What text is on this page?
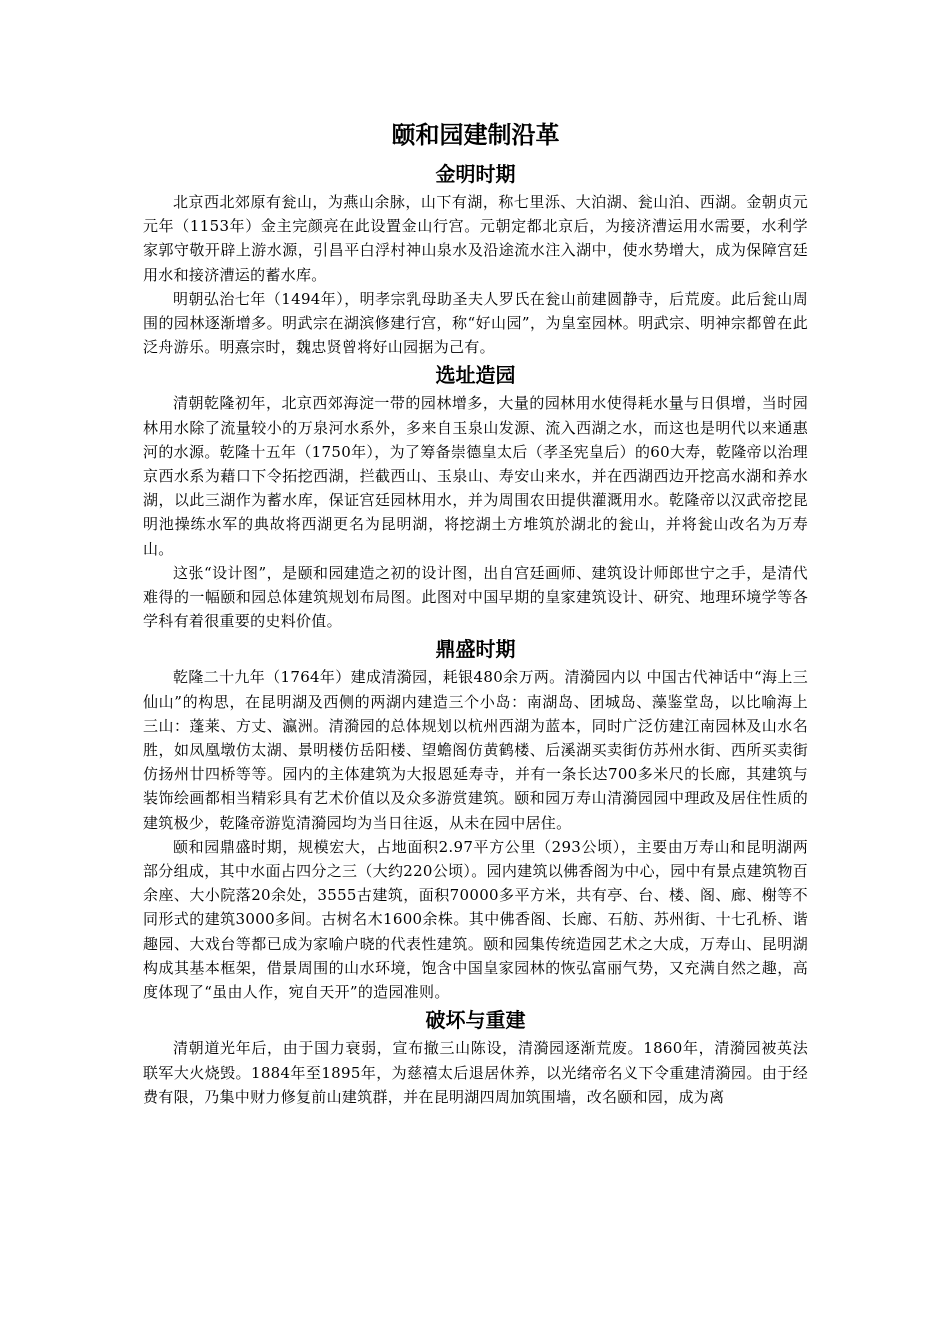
颐和园建制沿革
金明时期

北京西北郊原有瓮山，为燕山余脉，山下有湖，称七里泺、大泊湖、瓮山泊、西湖。金朝贞元元年（1153年）金主完颜亮在此设置金山行宫。元朝定都北京后，为接济漕运用水需要，水利学家郭守敬开辟上游水源，引昌平白浮村神山泉水及沿途流水注入湖中，使水势增大，成为保障宫廷用水和接济漕运的蓄水库。

明朝弘治七年（1494年），明孝宗乳母助圣夫人罗氏在瓮山前建圆静寺，后荒废。此后瓮山周围的园林逐渐增多。明武宗在湖滨修建行宫，称“好山园”，为皇室园林。明武宗、明神宗都曾在此泛舟游乐。明熹宗时，魏忠贤曾将好山园据为己有。

选址造园

清朝乾隆初年，北京西郊海淀一带的园林增多，大量的园林用水使得耗水量与日俱增，当时园林用水除了流量较小的万泉河水系外，多来自玉泉山发源、流入西湖之水，而这也是明代以来通惠河的水源。乾隆十五年（1750年），为了筹备崇德皇太后（孝圣宪皇后）的60大寿，乾隆帝以治理京西水系为藉口下令拓挖西湖，拦截西山、玉泉山、寿安山来水，并在西湖西边开挖高水湖和养水湖，以此三湖作为蓄水库，保证宫廷园林用水，并为周围农田提供灌溉用水。乾隆帝以汉武帝挖昆明池操练水军的典故将西湖更名为昆明湖，将挖湖土方堆筑於湖北的瓮山，并将瓮山改名为万寿山。

这张“设计图”，是颐和园建造之初的设计图，出自宫廷画师、建筑设计师郎世宁之手，是清代难得的一幅颐和园总体建筑规划布局图。此图对中国早期的皇家建筑设计、研究、地理环境学等各学科有着很重要的史料价值。

鼎盛时期

乾隆二十九年（1764年）建成清漪园，耗银480余万两。清漪园内以 中国古代神话中“海上三仙山”的构思，在昆明湖及西侧的两湖内建造三个小岛：南湖岛、团城岛、藻鉴堂岛，以比喻海上三山：蓬莱、方丈、瀛洲。清漪园的总体规划以杭州西湖为蓝本，同时广泛仿建江南园林及山水名胜，如凤凰墩仿太湖、景明楼仿岳阳楼、望蟾阁仿黄鹤楼、后溪湖买卖街仿苏州水街、西所买卖街仿扬州廿四桥等等。园内的主体建筑为大报恩延寿寺，并有一条长达700多米尺的长廊，其建筑与装饰绘画都相当精彩具有艺术价值以及众多游赏建筑。颐和园万寿山清漪园园中理政及居住性质的建筑极少，乾隆帝游览清漪园均为当日往返，从未在园中居住。

颐和园鼎盛时期，规模宏大，占地面积2.97平方公里（293公顷），主要由万寿山和昆明湖两部分组成，其中水面占四分之三（大约220公顷）。园内建筑以佛香阁为中心，园中有景点建筑物百余座、大小院落20余处，3555古建筑，面积70000多平方米，共有亭、台、楼、阁、廊、榭等不同形式的建筑3000多间。古树名木1600余株。其中佛香阁、长廊、石舫、苏州街、十七孔桥、谐趣园、大戏台等都已成为家喻户晓的代表性建筑。颐和园集传统造园艺术之大成，万寿山、昆明湖构成其基本框架，借景周围的山水环境，饱含中国皇家园林的恢弘富丽气势，又充满自然之趣，高度体现了“虽由人作，宛自天开”的造园准则。

破坏与重建

清朝道光年后，由于国力衰弱，宣布撤三山陈设，清漪园逐渐荒废。1860年，清漪园被英法联军大火烧毁。1884年至1895年，为慈禧太后退居休养，以光绪帝名义下令重建清漪园。由于经费有限，乃集中财力修复前山建筑群，并在昆明湖四周加筑围墙，改名颐和园，成为离
